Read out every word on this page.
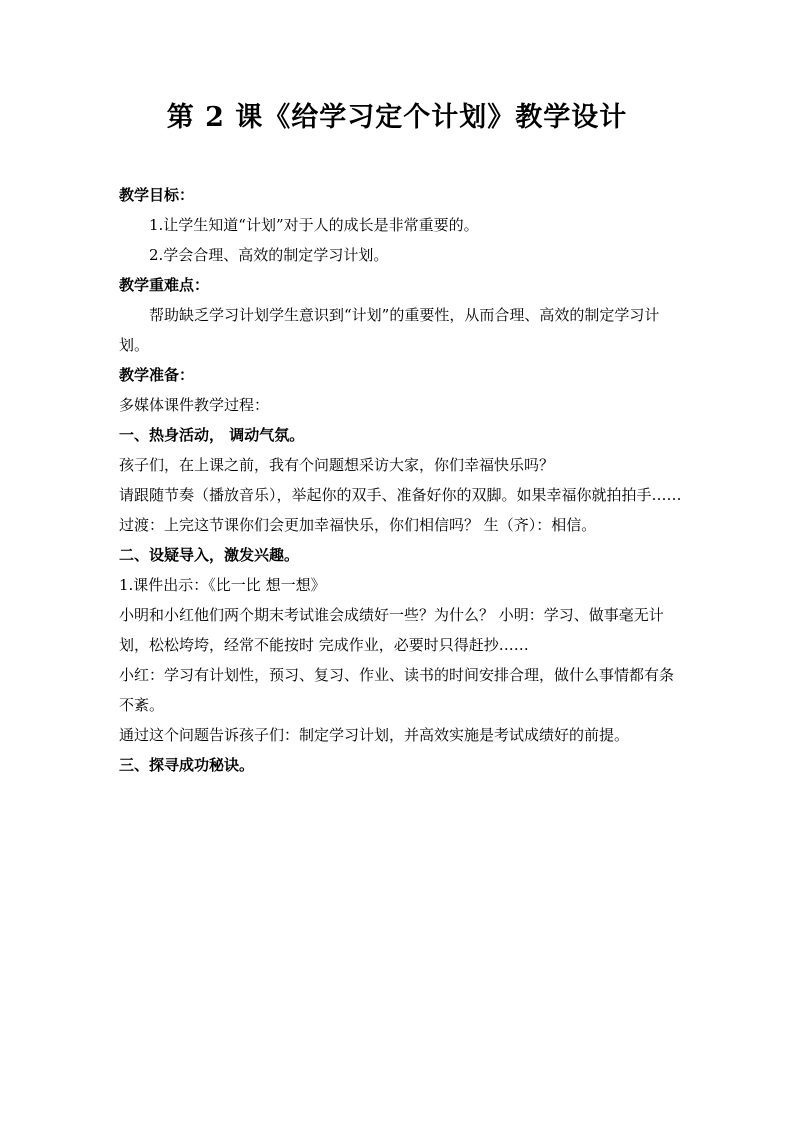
第 2 课《给学习定个计划》教学设计

教学目标：

1.让学生知道“计划”对于人的成长是非常重要的。

2.学会合理、高效的制定学习计划。

教学重难点：

帮助缺乏学习计划学生意识到“计划”的重要性，从而合理、高效的制定学习计划。

教学准备：

多媒体课件教学过程：

一、热身活动， 调动气氛。

孩子们，在上课之前，我有个问题想采访大家，你们幸福快乐吗？

请跟随节奏（播放音乐），举起你的双手、准备好你的双脚。如果幸福你就拍拍手……

过渡：上完这节课你们会更加幸福快乐，你们相信吗？ 生（齐）：相信。

二、设疑导入，激发兴趣。

1.课件出示：《比一比 想一想》

小明和小红他们两个期末考试谁会成绩好一些？为什么？ 小明：学习、做事毫无计划，松松垮垮，经常不能按时 完成作业，必要时只得赶抄……

小红：学习有计划性，预习、复习、作业、读书的时间安排合理，做什么事情都有条不紊。

通过这个问题告诉孩子们：制定学习计划，并高效实施是考试成绩好的前提。

三、探寻成功秘诀。
